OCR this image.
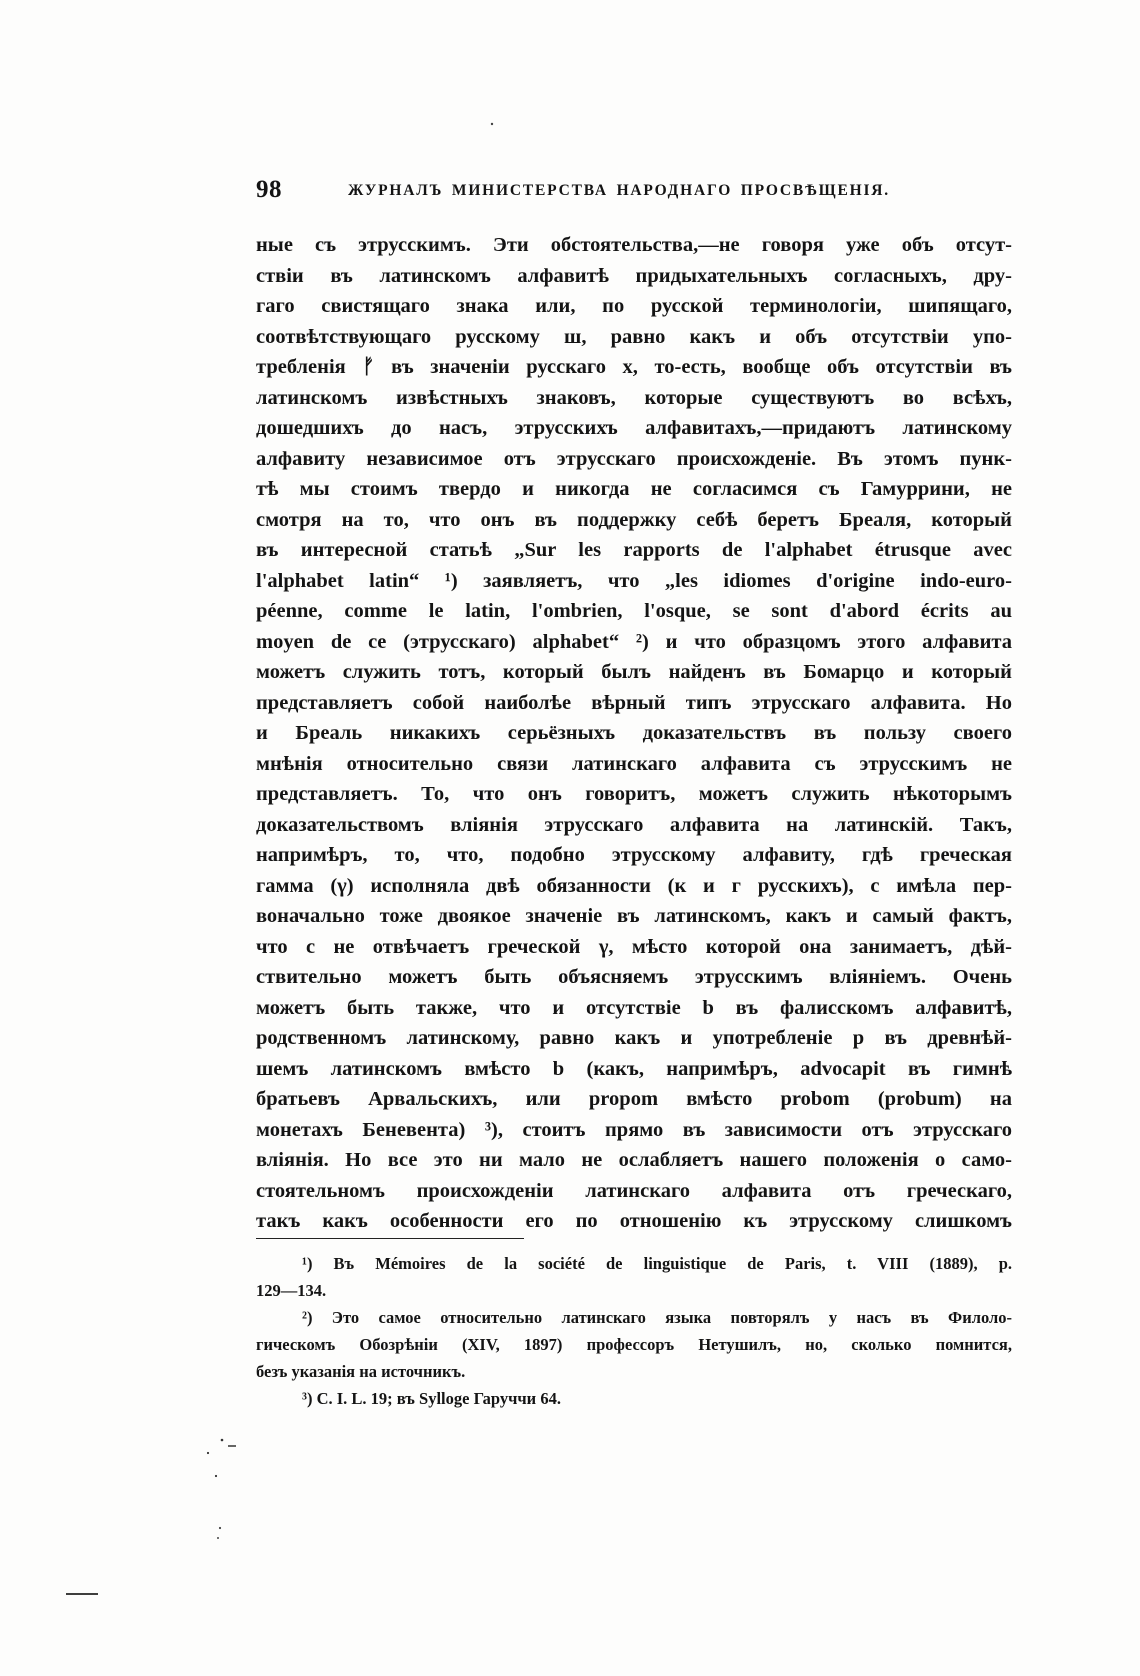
98	ЖУРНАЛЪ МИНИСТЕРСТВА НАРОДНАГО ПРОСВѢЩЕНІЯ.
ные съ этрусскимъ. Эти обстоятельства,—не говоря уже объ отсут-
ствіи въ латинскомъ алфавитѣ придыхательныхъ согласныхъ, дру-
гаго свистящаго знака или, по русской терминологіи, шипящаго,
соотвѣтствующаго русскому ш, равно какъ и объ отсутствіи упо-
требленія ᚠ въ значеніи русскаго х, то-есть, вообще объ отсутствіи въ
латинскомъ извѣстныхъ знаковъ, которые существуютъ во всѣхъ,
дошедшихъ до насъ, этрусскихъ алфавитахъ,—придаютъ латинскому
алфавиту независимое отъ этрусскаго происхожденіе. Въ этомъ пунк-
тѣ мы стоимъ твердо и никогда не согласимся съ Гамуррини, не
смотря на то, что онъ въ поддержку себѣ беретъ Бреаля, который
въ интересной статьѣ „Sur les rapports de l'alphabet étrusque avec
l'alphabet latin“ ¹) заявляетъ, что „les idiomes d'origine indo-euro-
péenne, comme le latin, l'ombrien, l'osque, se sont d'abord écrits au
moyen de ce (этрусскаго) alphabet“ ²) и что образцомъ этого алфавита
можетъ служить тотъ, который былъ найденъ въ Бомарцо и который
представляетъ собой наиболѣе вѣрный типъ этрусскаго алфавита. Но
и Бреаль никакихъ серьёзныхъ доказательствъ въ пользу своего
мнѣнія относительно связи латинскаго алфавита съ этрусскимъ не
представляетъ. То, что онъ говоритъ, можетъ служить нѣкоторымъ
доказательствомъ вліянія этрусскаго алфавита на латинскій. Такъ,
напримѣръ, то, что, подобно этрусскому алфавиту, гдѣ греческая
гамма (γ) исполняла двѣ обязанности (к и г русскихъ), с имѣла пер-
воначально тоже двоякое значеніе въ латинскомъ, какъ и самый фактъ,
что с не отвѣчаетъ греческой γ, мѣсто которой она занимаетъ, дѣй-
ствительно можетъ быть объясняемъ этрусскимъ вліяніемъ. Очень
можетъ быть также, что и отсутствіе b въ фалисскомъ алфавитѣ,
родственномъ латинскому, равно какъ и употребленіе p въ древнѣй-
шемъ латинскомъ вмѣсто b (какъ, напримѣръ, advocapit въ гимнѣ
братьевъ Арвальскихъ, или propom вмѣсто probom (probum) на
монетахъ Беневента) ³), стоитъ прямо въ зависимости отъ этрусскаго
вліянія. Но все это ни мало не ослабляетъ нашего положенія о само-
стоятельномъ происхожденіи латинскаго алфавита отъ греческаго,
такъ какъ особенности его по отношенію къ этрусскому слишкомъ
¹) Въ Mémoires de la société de linguistique de Paris, t. VIII (1889), p.
129—134.
²) Это самое относительно латинскаго языка повторялъ у насъ въ Филоло-
гическомъ Обозрѣніи (XIV, 1897) профессоръ Нетушилъ, но, сколько помнится,
безъ указанія на источникъ.
³) C. I. L. 19; въ Sylloge Гаруччи 64.
